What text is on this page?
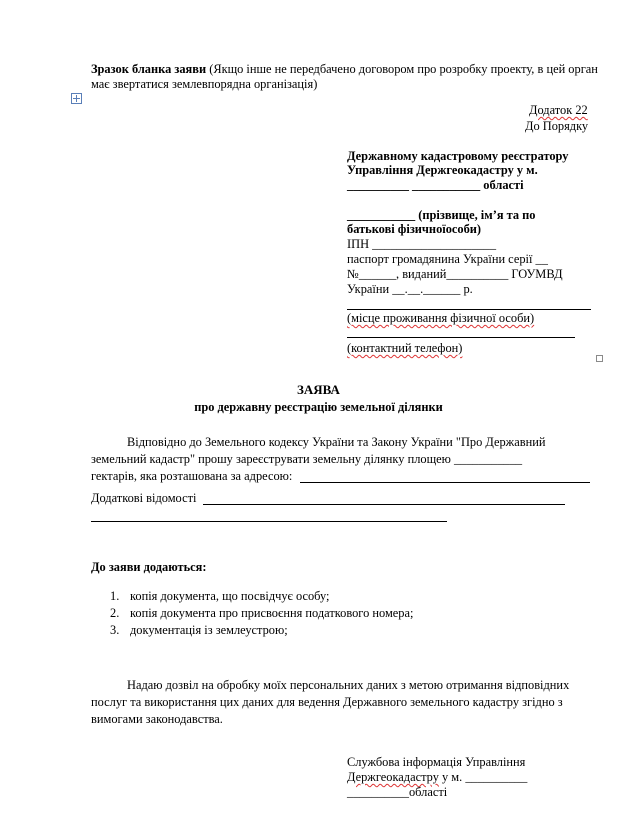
Зразок бланка заяви (Якщо інше не передбачено договором про розробку проекту, в цей орган має звертатися землевпорядна організація)
Додаток 22
До Порядку
Державному кадастровому реєстратору
Управління Держгеокадастру у м.
__________ ___________ області
___________ (прізвище, ім’я та по
батькові фізичноїособи)
ІПН ____________________
паспорт громадянина України серії __
№______, виданий__________ ГОУМВД
України __.__.______ р.
(місце проживання фізичної особи)
(контактний телефон)
ЗАЯВА
про державну реєстрацію земельної ділянки
Відповідно до Земельного кодексу України та Закону України "Про Державний
земельний кадастр" прошу зареєструвати земельну ділянку площею ___________
гектарів, яка розташована за адресою:
Додаткові відомості
До заяви додаються:
1. копія документа, що посвідчує особу;
2. копія документа про присвоєння податкового номера;
3. документація із землеустрою;
Надаю дозвіл на обробку моїх персональних даних з метою отримання відповідних
послуг та використання цих даних для ведення Державного земельного кадастру згідно з
вимогами законодавства.
Службова інформація Управління
Держгеокадастру у м. __________
__________області
